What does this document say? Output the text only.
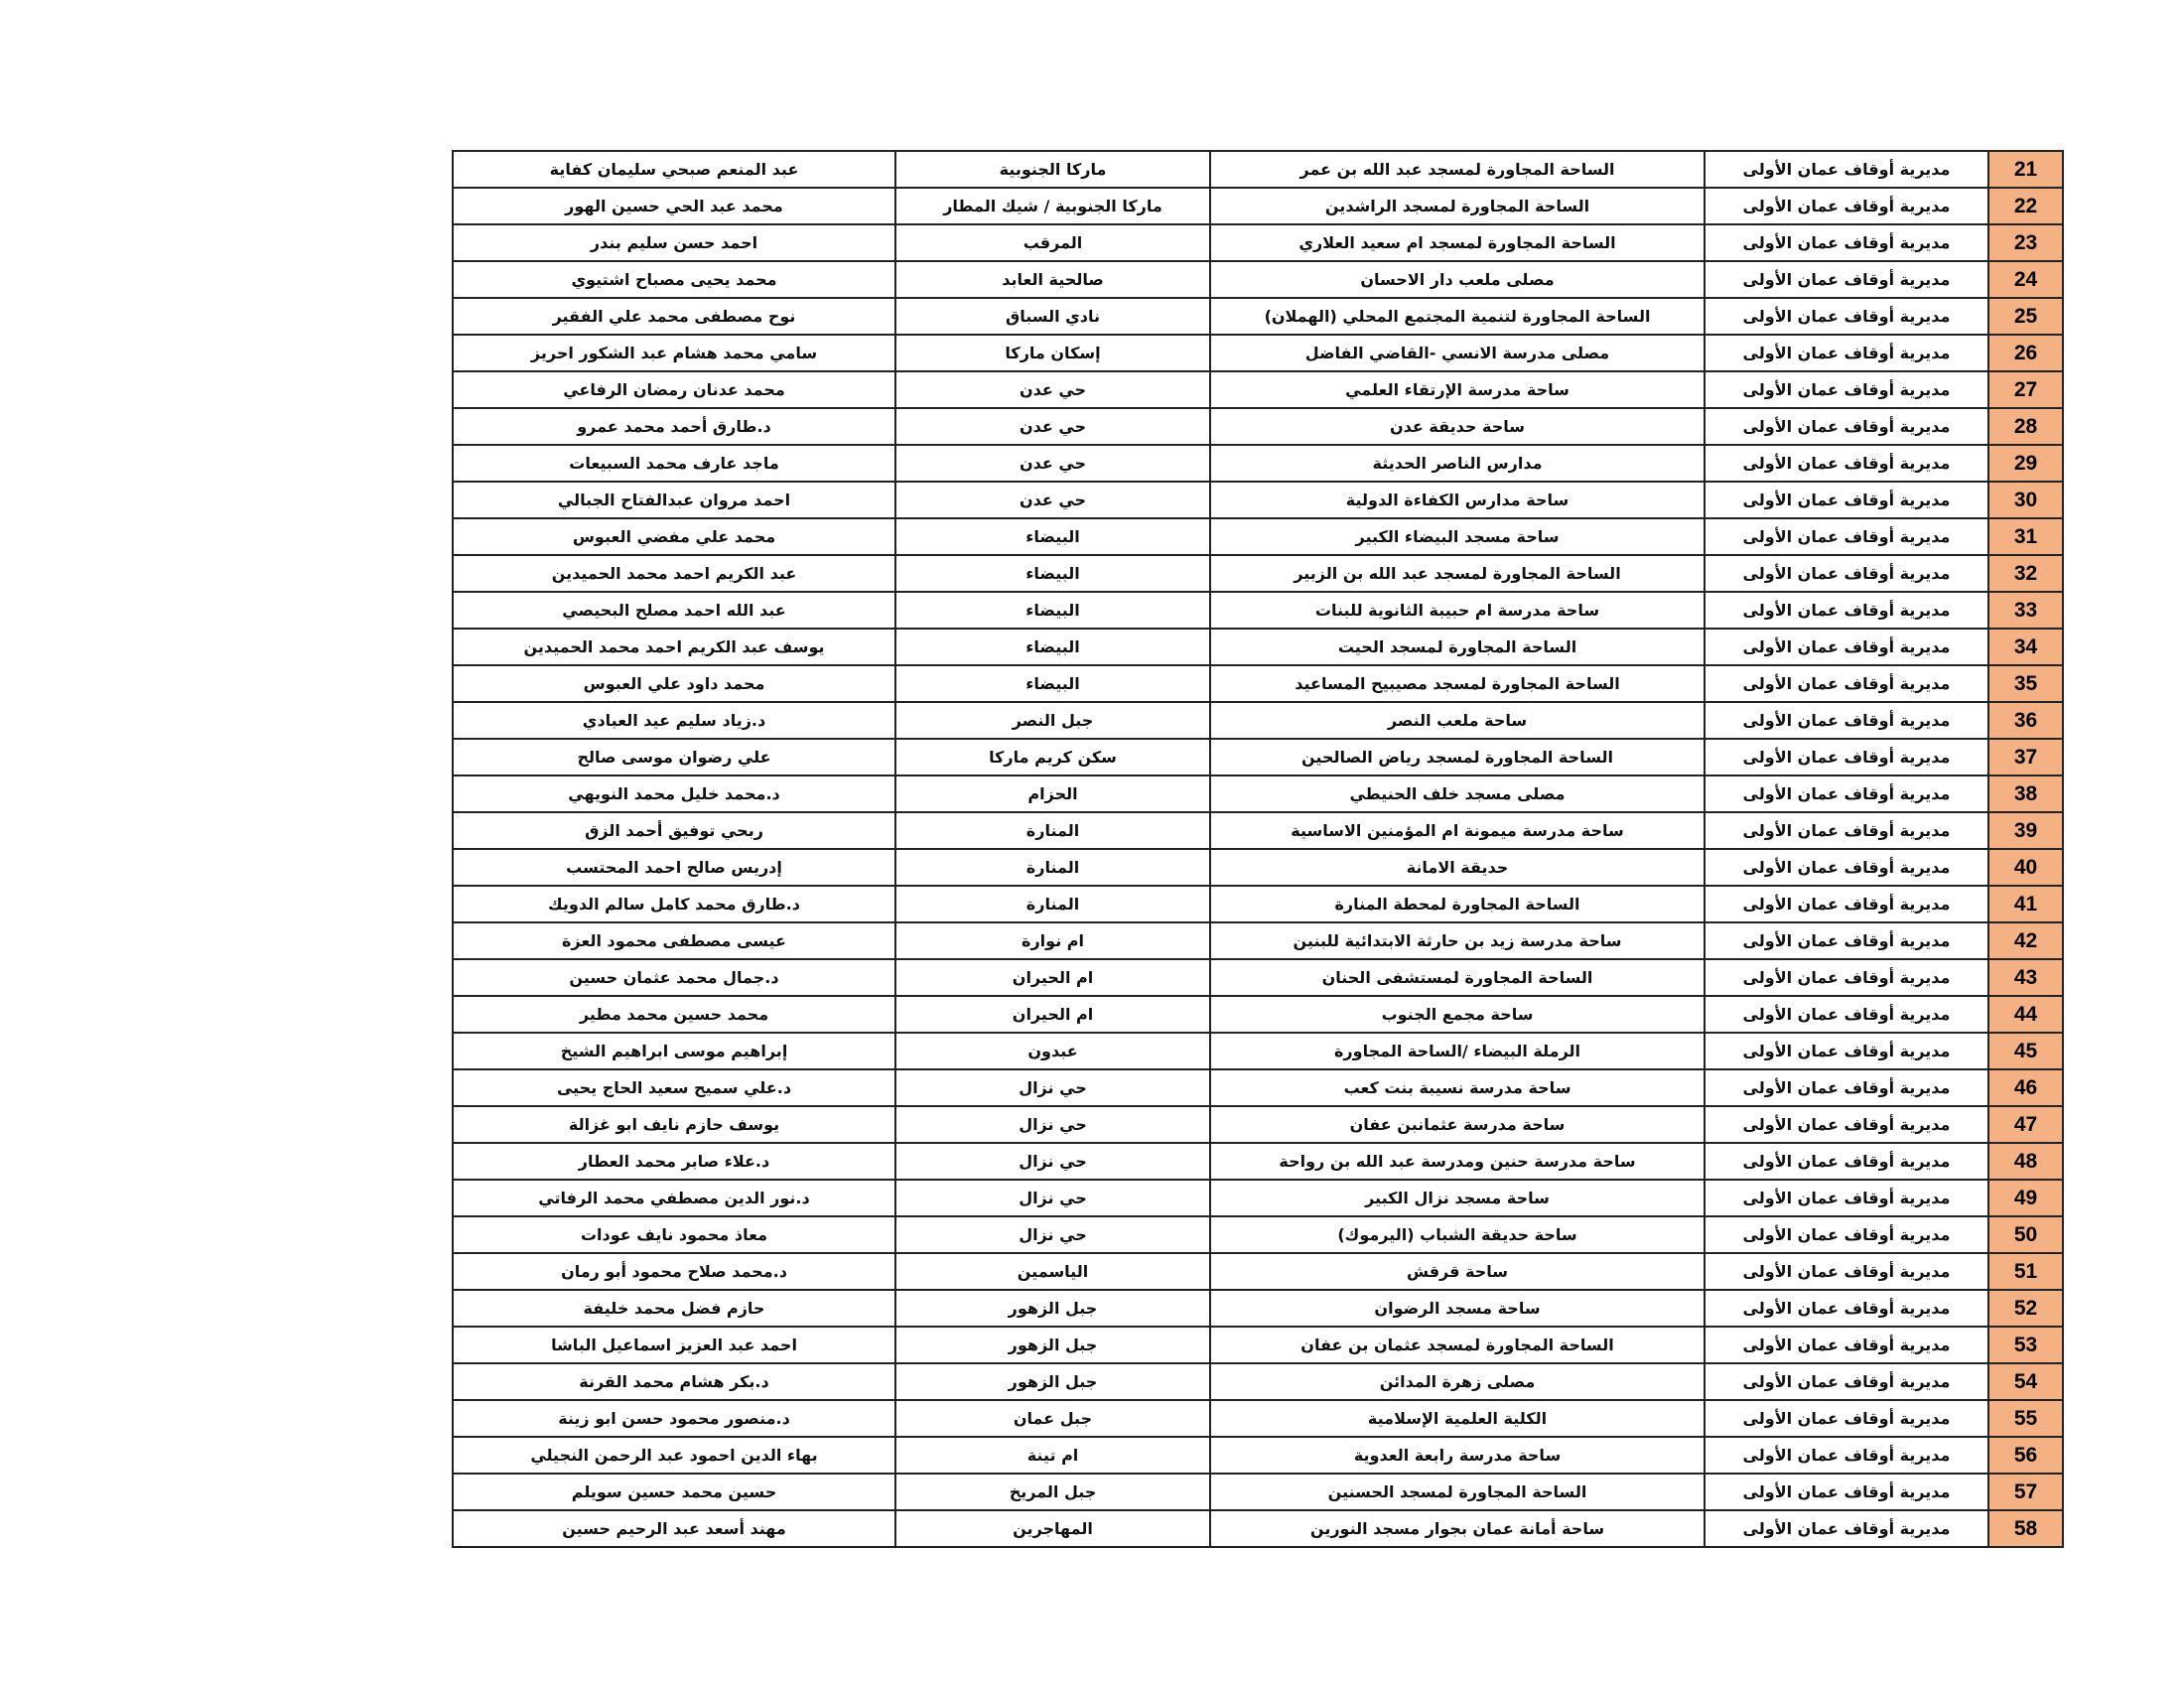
21	مديرية أوقاف عمان الأولى	الساحة المجاورة لمسجد عبد الله بن عمر	ماركا الجنوبية	عبد المنعم صبحي سليمان كفاية
22	مديرية أوقاف عمان الأولى	الساحة المجاورة لمسجد الراشدين	ماركا الجنوبية / شيك المطار	محمد عبد الحي حسين الهور
23	مديرية أوقاف عمان الأولى	الساحة المجاورة لمسجد ام سعيد العلاري	المرقب	احمد حسن سليم بندر
24	مديرية أوقاف عمان الأولى	مصلى ملعب دار الاحسان	صالحية العابد	محمد يحيى مصباح اشتيوي
25	مديرية أوقاف عمان الأولى	الساحة المجاورة لتنمية المجتمع المحلي (الهملان)	نادي السباق	نوح مصطفى محمد علي الفقير
26	مديرية أوقاف عمان الأولى	مصلى مدرسة الانسي -القاضي الفاضل	إسكان ماركا	سامي محمد هشام عبد الشكور احريز
27	مديرية أوقاف عمان الأولى	ساحة مدرسة الإرتقاء العلمي	حي عدن	محمد عدنان رمضان الرفاعي
28	مديرية أوقاف عمان الأولى	ساحة حديقة عدن	حي عدن	د.طارق أحمد محمد عمرو
29	مديرية أوقاف عمان الأولى	مدارس الناصر الحديثة	حي عدن	ماجد عارف محمد السبيعات
30	مديرية أوقاف عمان الأولى	ساحة مدارس الكفاءة الدولية	حي عدن	احمد مروان عبدالفتاح الجبالي
31	مديرية أوقاف عمان الأولى	ساحة مسجد البيضاء الكبير	البيضاء	محمد علي مفضي العبوس
32	مديرية أوقاف عمان الأولى	الساحة المجاورة لمسجد عبد الله بن الزبير	البيضاء	عبد الكريم احمد محمد الحميدين
33	مديرية أوقاف عمان الأولى	ساحة مدرسة ام حبيبة الثانوية للبنات	البيضاء	عبد الله احمد مصلح البحيصي
34	مديرية أوقاف عمان الأولى	الساحة المجاورة لمسجد الحيت	البيضاء	يوسف عبد الكريم احمد محمد الحميدين
35	مديرية أوقاف عمان الأولى	الساحة المجاورة لمسجد مصيبيح المساعيد	البيضاء	محمد داود علي العبوس
36	مديرية أوقاف عمان الأولى	ساحة ملعب النصر	جبل النصر	د.زياد سليم عيد العبادي
37	مديرية أوقاف عمان الأولى	الساحة المجاورة لمسجد رياض الصالحين	سكن كريم ماركا	علي رضوان موسى صالح
38	مديرية أوقاف عمان الأولى	مصلى مسجد خلف الحنيطي	الحزام	د.محمد خليل محمد النويهي
39	مديرية أوقاف عمان الأولى	ساحة مدرسة ميمونة ام المؤمنين الاساسية	المنارة	ربحي توفيق أحمد الزق
40	مديرية أوقاف عمان الأولى	حديقة الامانة	المنارة	إدريس صالح احمد المحتسب
41	مديرية أوقاف عمان الأولى	الساحة المجاورة لمحطة المنارة	المنارة	د.طارق محمد كامل سالم الدويك
42	مديرية أوقاف عمان الأولى	ساحة مدرسة زيد بن حارثة الابتدائية للبنين	ام نوارة	عيسى مصطفى محمود العزة
43	مديرية أوقاف عمان الأولى	الساحة المجاورة لمستشفى الحنان	ام الحيران	د.جمال محمد عثمان حسين
44	مديرية أوقاف عمان الأولى	ساحة مجمع الجنوب	ام الحيران	محمد حسين محمد مطير
45	مديرية أوقاف عمان الأولى	الرملة البيضاء /الساحة المجاورة	عبدون	إبراهيم موسى ابراهيم الشيخ
46	مديرية أوقاف عمان الأولى	ساحة مدرسة نسيبة بنت كعب	حي نزال	د.علي سميح سعيد الحاج يحيى
47	مديرية أوقاف عمان الأولى	ساحة مدرسة عثمانبن عفان	حي نزال	يوسف حازم نايف ابو غزالة
48	مديرية أوقاف عمان الأولى	ساحة مدرسة حنين ومدرسة عبد الله بن رواحة	حي نزال	د.علاء صابر محمد العطار
49	مديرية أوقاف عمان الأولى	ساحة مسجد نزال الكبير	حي نزال	د.نور الدين مصطفي محمد الرفاتي
50	مديرية أوقاف عمان الأولى	ساحة حديقة الشباب (اليرموك)	حي نزال	معاذ محمود نايف عودات
51	مديرية أوقاف عمان الأولى	ساحة قرقش	الياسمين	د.محمد صلاح محمود أبو رمان
52	مديرية أوقاف عمان الأولى	ساحة مسجد الرضوان	جبل الزهور	حازم فضل محمد خليفة
53	مديرية أوقاف عمان الأولى	الساحة المجاورة لمسجد عثمان بن عفان	جبل الزهور	احمد عبد العزيز اسماعيل الباشا
54	مديرية أوقاف عمان الأولى	مصلى زهرة المدائن	جبل الزهور	د.بكر هشام محمد القرنة
55	مديرية أوقاف عمان الأولى	الكلية العلمية الإسلامية	جبل عمان	د.منصور محمود حسن ابو زينة
56	مديرية أوقاف عمان الأولى	ساحة مدرسة رابعة العدوية	ام تينة	بهاء الدين احمود عبد الرحمن النجيلي
57	مديرية أوقاف عمان الأولى	الساحة المجاورة لمسجد الحسنين	جبل المريخ	حسين محمد حسين سويلم
58	مديرية أوقاف عمان الأولى	ساحة أمانة عمان بجوار مسجد النورين	المهاجرين	مهند أسعد عبد الرحيم حسين
